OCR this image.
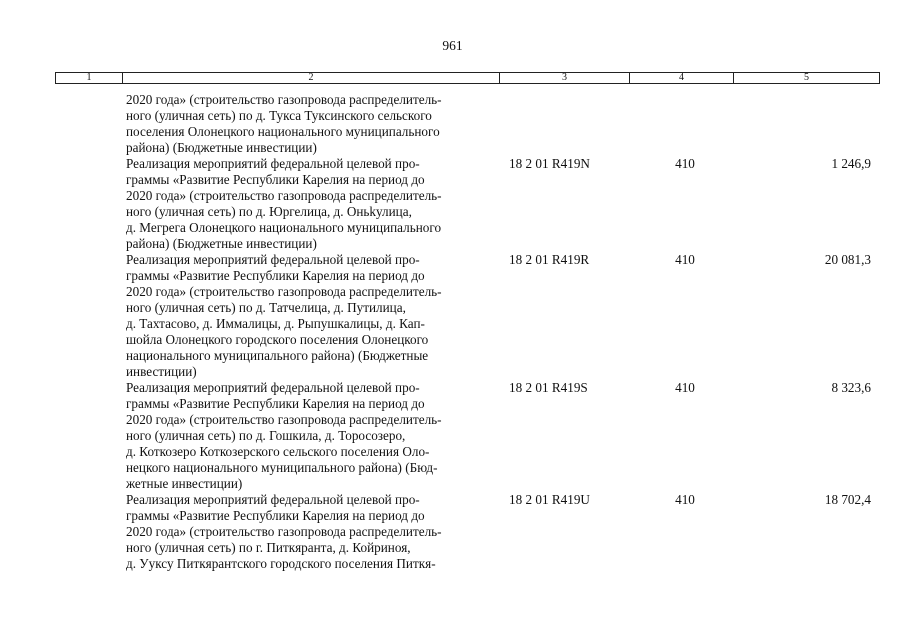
961
1	2	3	4	5
2020 года» (строительство газопровода распределитель-
ного (уличная сеть) по д. Тукса Туксинского сельского
поселения Олонецкого национального муниципального
района) (Бюджетные инвестиции)
Реализация мероприятий федеральной целевой про-
граммы «Развитие Республики Карелия на период до
2020 года» (строительство газопровода распределитель-
ного (уличная сеть) по д. Юргелица, д. Оньkулица,
д. Мегрега Олонецкого национального муниципального
района) (Бюджетные инвестиции)
18 2 01 R419N	410	1 246,9
Реализация мероприятий федеральной целевой про-
граммы «Развитие Республики Карелия на период до
2020 года» (строительство газопровода распределитель-
ного (уличная сеть) по д. Татчелица, д. Путилица,
д. Тахтасово, д. Иммалицы, д. Рыпушкалицы, д. Кап-
шойла Олонецкого городского поселения Олонецкого
национального муниципального района) (Бюджетные
инвестиции)
18 2 01 R419R	410	20 081,3
Реализация мероприятий федеральной целевой про-
граммы «Развитие Республики Карелия на период до
2020 года» (строительство газопровода распределитель-
ного (уличная сеть) по д. Гошкила, д. Торосозеро,
д. Коткозеро Коткозерского сельского поселения Оло-
нецкого национального муниципального района) (Бюд-
жетные инвестиции)
18 2 01 R419S	410	8 323,6
Реализация мероприятий федеральной целевой про-
граммы «Развитие Республики Карелия на период до
2020 года» (строительство газопровода распределитель-
ного (уличная сеть) по г. Питкяранта, д. Койриноя,
д. Ууксу Питкярантского городского поселения Питкя-
18 2 01 R419U	410	18 702,4
